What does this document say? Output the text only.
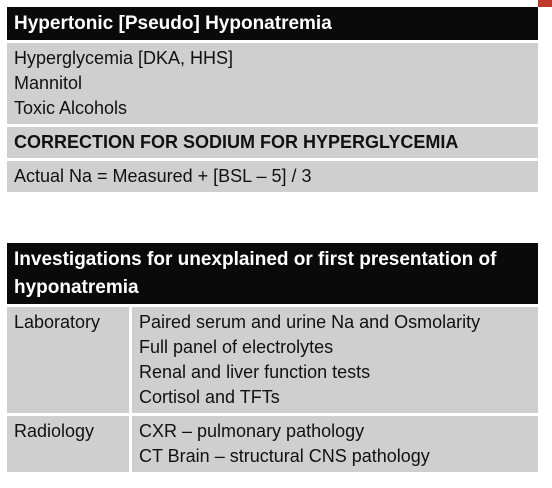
Hypertonic [Pseudo] Hyponatremia
Hyperglycemia [DKA, HHS]
Mannitol
Toxic Alcohols
CORRECTION FOR SODIUM FOR HYPERGLYCEMIA
Actual Na = Measured + [BSL – 5] / 3
Investigations for unexplained or first presentation of hyponatremia
Laboratory	Paired serum and urine Na and Osmolarity
Full panel of electrolytes
Renal and liver function tests
Cortisol and TFTs
Radiology	CXR – pulmonary pathology
CT Brain – structural CNS pathology
